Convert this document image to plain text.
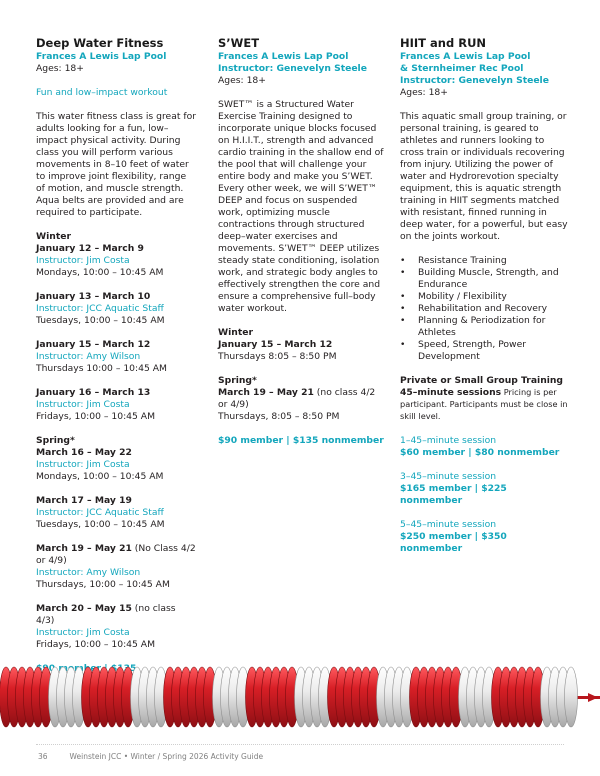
Deep Water Fitness
Frances A Lewis Lap Pool
Ages: 18+
Fun and low–impact workout
This water fitness class is great for adults looking for a fun, low–impact physical activity. During class you will perform various movements in 8–10 feet of water to improve joint flexibility, range of motion, and muscle strength. Aqua belts are provided and are required to participate.
Winter
January 12 – March 9
Instructor: Jim Costa
Mondays, 10:00 – 10:45 AM
January 13 – March 10
Instructor: JCC Aquatic Staff
Tuesdays, 10:00 – 10:45 AM
January 15 – March 12
Instructor: Amy Wilson
Thursdays 10:00 – 10:45 AM
January 16 – March 13
Instructor: Jim Costa
Fridays, 10:00 – 10:45 AM
Spring*
March 16 – May 22
Instructor: Jim Costa
Mondays, 10:00 – 10:45 AM
March 17 – May 19
Instructor: JCC Aquatic Staff
Tuesdays, 10:00 – 10:45 AM
March 19 – May 21 (No Class 4/2 or 4/9)
Instructor: Amy Wilson
Thursdays, 10:00 – 10:45 AM
March 20 – May 15 (no class 4/3)
Instructor: Jim Costa
Fridays, 10:00 – 10:45 AM
$135
S’WET
Frances A Lewis Lap Pool
Instructor: Genevelyn Steele
Ages: 18+
SWET™ is a Structured Water Exercise Training designed to incorporate unique blocks focused on H.I.I.T., strength and advanced cardio training in the shallow end of the pool that will challenge your entire body and make you S’WET. Every other week, we will S’WET™ DEEP and focus on suspended work, optimizing muscle contractions through structured deep–water exercises and movements. S’WET™ DEEP utilizes steady state conditioning, isolation work, and strategic body angles to effectively strengthen the core and ensure a comprehensive full–body water workout.
Winter
January 15 – March 12
Thursdays 8:05 – 8:50 PM
Spring*
March 19 – May 21 (no class 4/2 or 4/9)
Thursdays, 8:05 – 8:50 PM
$90 member | $135 nonmember
HIIT and RUN
Frances A Lewis Lap Pool
& Sternheimer Rec Pool
Instructor: Genevelyn Steele
Ages: 18+
This aquatic small group training, or personal training, is geared to athletes and runners looking to cross train or individuals recovering from injury. Utilizing the power of water and Hydrorevotion specialty equipment, this is aquatic strength training in HIIT segments matched with resistant, finned running in deep water, for a powerful, but easy on the joints workout.
• Resistance Training
• Building Muscle, Strength, and Endurance
• Mobility / Flexibility
• Rehabilitation and Recovery
• Planning & Periodization for Athletes
• Speed, Strength, Power Development
Private or Small Group Training
45–minute sessions Pricing is per participant. Participants must be close in skill level.
1–45–minute session
$60 member | $80 nonmember
3–45–minute session
$165 member | $225 nonmember
5–45–minute session
$250 member | $350 nonmember
36	Weinstein JCC • Winter / Spring 2026 Activity Guide
